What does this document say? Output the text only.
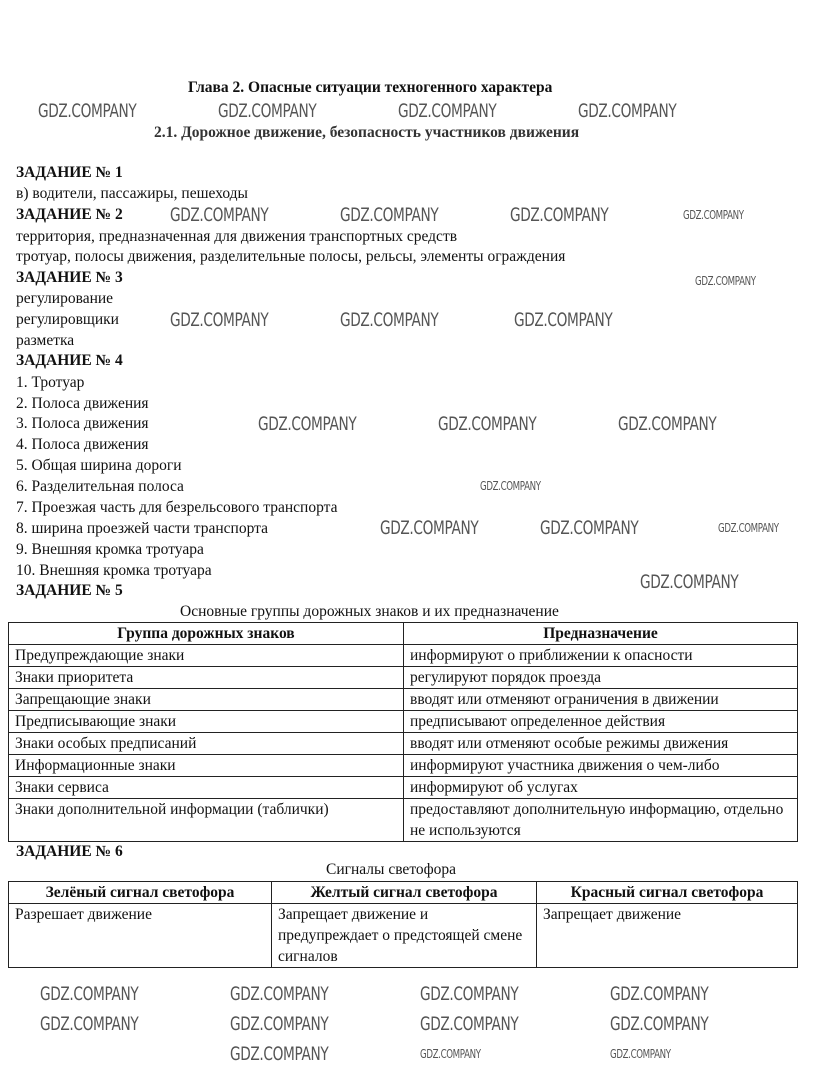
Глава 2. Опасные ситуации техногенного характера
2.1. Дорожное движение, безопасность участников движения
ЗАДАНИЕ № 1
в) водители, пассажиры, пешеходы
ЗАДАНИЕ № 2
территория, предназначенная для движения транспортных средств
тротуар, полосы движения, разделительные полосы, рельсы, элементы ограждения
ЗАДАНИЕ № 3
регулирование
регулировщики
разметка
ЗАДАНИЕ № 4
1. Тротуар
2. Полоса движения
3. Полоса движения
4. Полоса движения
5. Общая ширина дороги
6. Разделительная полоса
7. Проезжая часть для безрельсового транспорта
8. ширина проезжей части транспорта
9. Внешняя кромка тротуара
10. Внешняя кромка тротуара
ЗАДАНИЕ № 5
Основные группы дорожных знаков и их предназначение
Группа дорожных знаков	Предназначение
Предупреждающие знаки	информируют о приближении к опасности
Знаки приоритета	регулируют порядок проезда
Запрещающие знаки	вводят или отменяют ограничения в движении
Предписывающие знаки	предписывают определенное действия
Знаки особых предписаний	вводят или отменяют особые режимы движения
Информационные знаки	информируют участника движения о чем-либо
Знаки сервиса	информируют об услугах
Знаки дополнительной информации (таблички)	предоставляют дополнительную информацию, отдельно не используются
ЗАДАНИЕ № 6
Сигналы светофора
Зелёный сигнал светофора	Желтый сигнал светофора	Красный сигнал светофора
Разрешает движение	Запрещает движение и предупреждает о предстоящей смене сигналов	Запрещает движение
GDZ.COMPANY	GDZ.COMPANY	GDZ.COMPANY	GDZ.COMPANY
GDZ.COMPANY	GDZ.COMPANY	GDZ.COMPANY	GDZ.COMPANY
GDZ.COMPANY
GDZ.COMPANY	GDZ.COMPANY	GDZ.COMPANY
GDZ.COMPANY	GDZ.COMPANY	GDZ.COMPANY
GDZ.COMPANY
GDZ.COMPANY	GDZ.COMPANY	GDZ.COMPANY
GDZ.COMPANY
GDZ.COMPANY	GDZ.COMPANY	GDZ.COMPANY	GDZ.COMPANY
GDZ.COMPANY	GDZ.COMPANY	GDZ.COMPANY	GDZ.COMPANY
GDZ.COMPANY	GDZ.COMPANY	GDZ.COMPANY
